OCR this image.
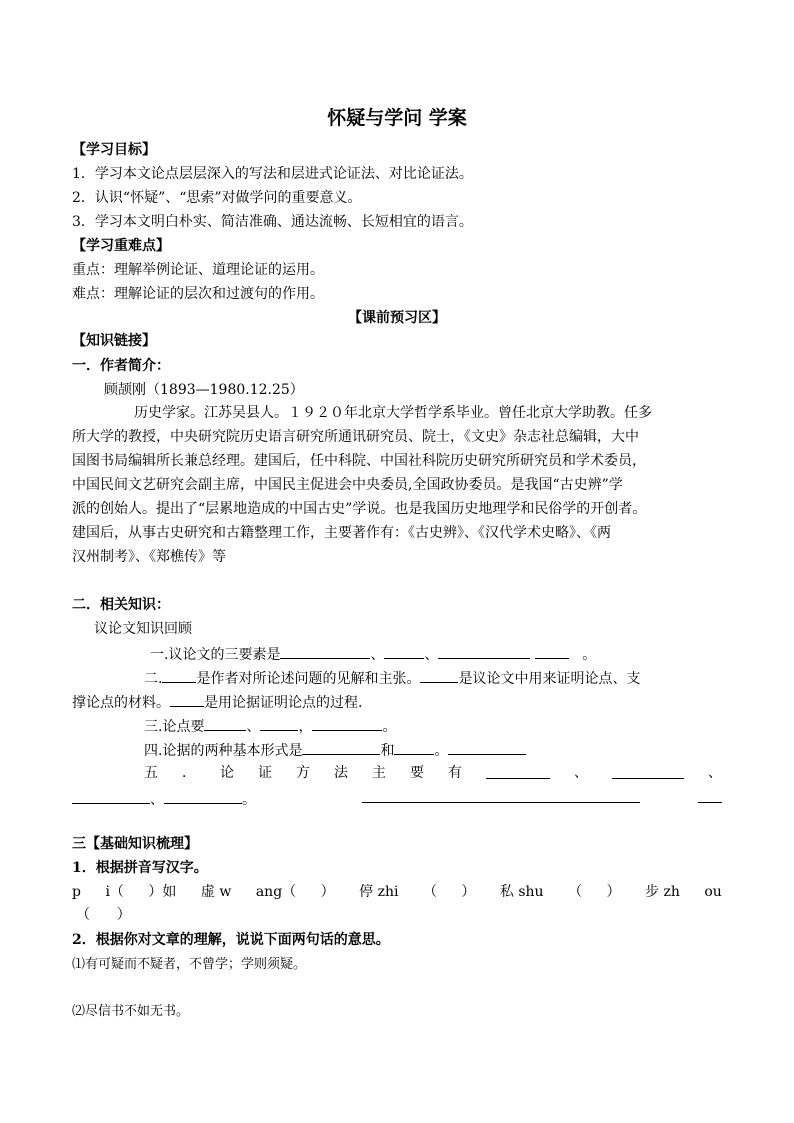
怀疑与学问 学案
【学习目标】
1．学习本文论点层层深入的写法和层进式论证法、对比论证法。
2．认识“怀疑”、“思索”对做学问的重要意义。
3．学习本文明白朴实、简洁准确、通达流畅、长短相宜的语言。
【学习重难点】
重点：理解举例论证、道理论证的运用。
难点：理解论证的层次和过渡句的作用。
【课前预习区】
【知识链接】
一．作者简介：
顾颉刚（1893—1980.12.25）
历史学家。江苏吴县人。１９２０年北京大学哲学系毕业。曾任北京大学助教。任多
所大学的教授，中央研究院历史语言研究所通讯研究员、院士，《文史》杂志社总编辑，大中
国图书局编辑所长兼总经理。建国后，任中科院、中国社科院历史研究所研究员和学术委员，
中国民间文艺研究会副主席，中国民主促进会中央委员,全国政协委员。是我国“古史辨”学
派的创始人。提出了“层累地造成的中国古史”学说。也是我国历史地理学和民俗学的开创者。
建国后，从事古史研究和古籍整理工作，主要著作有：《古史辨》、《汉代学术史略》、《两
汉州制考》、《郑樵传》等
二．相关知识：
议论文知识回顾
一.议论文的三要素是	、	、	。
二. 是作者对所论述问题的见解和主张。	是议论文中用来证明论点、支
撑论点的材料。 是用论据证明论点的过程.
三.论点要	、	，	。
四.论据的两种基本形式是	和	。
五 ． 论 证 方 法 主 要 有	、	、
、	。
三【基础知识梳理】
1．根据拼音写汉字。
p i（ ）如 虚 w ang（ ） 停 zhi （ ） 私 shu （ ） 步 zh ou
（      ）
2．根据你对文章的理解，说说下面两句话的意思。
⑴有可疑而不疑者，不曾学；学则须疑。
⑵尽信书不如无书。
